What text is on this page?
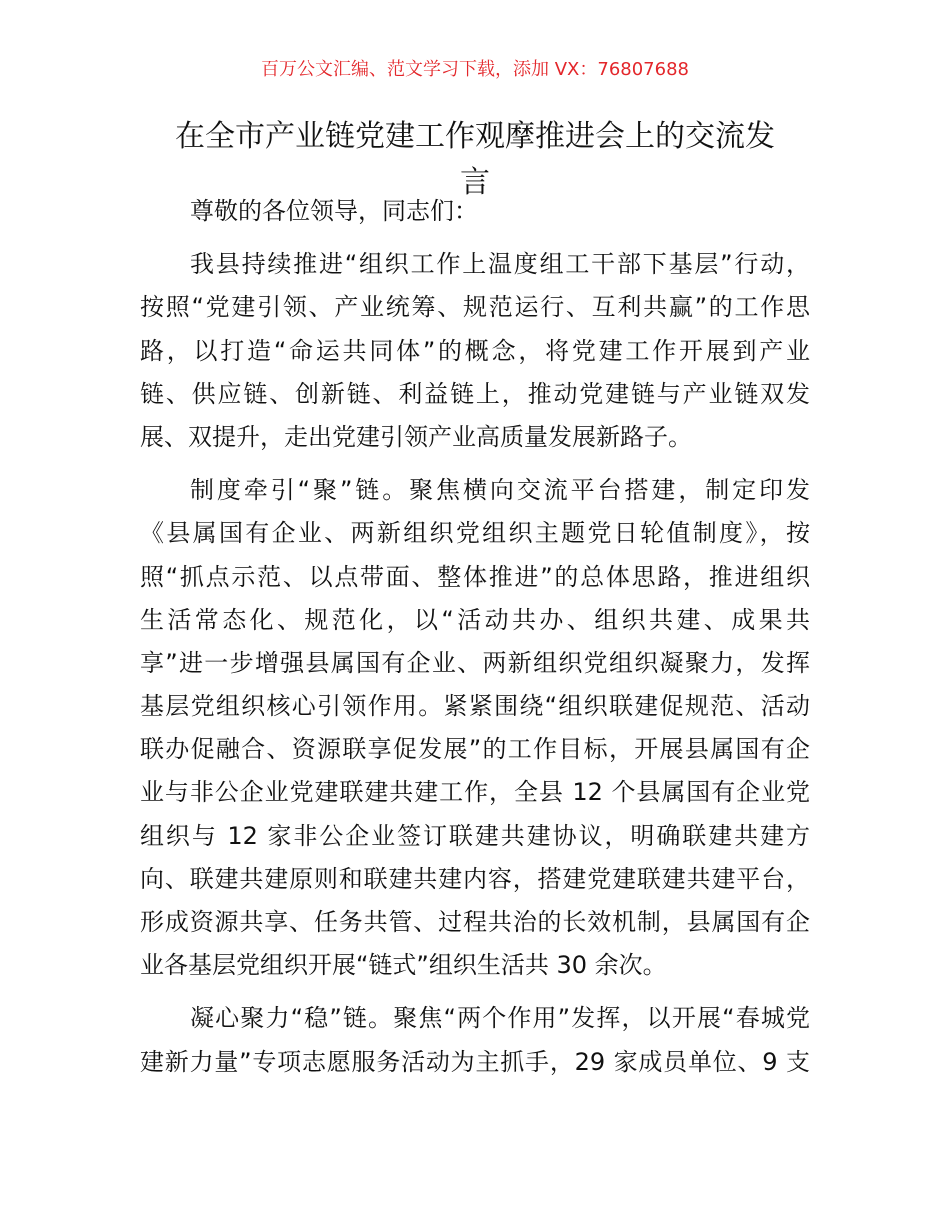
百万公文汇编、范文学习下载，添加 VX：76807688
在全市产业链党建工作观摩推进会上的交流发
言
尊敬的各位领导，同志们：
我县持续推进“组织工作上温度组工干部下基层”行动，
按照“党建引领、产业统筹、规范运行、互利共赢”的工作思
路，以打造“命运共同体”的概念，将党建工作开展到产业
链、供应链、创新链、利益链上，推动党建链与产业链双发
展、双提升，走出党建引领产业高质量发展新路子。
制度牵引“聚”链。聚焦横向交流平台搭建，制定印发
《县属国有企业、两新组织党组织主题党日轮值制度》，按
照“抓点示范、以点带面、整体推进”的总体思路，推进组织
生活常态化、规范化，以“活动共办、组织共建、成果共
享”进一步增强县属国有企业、两新组织党组织凝聚力，发挥
基层党组织核心引领作用。紧紧围绕“组织联建促规范、活动
联办促融合、资源联享促发展”的工作目标，开展县属国有企
业与非公企业党建联建共建工作，全县 12 个县属国有企业党
组织与 12 家非公企业签订联建共建协议，明确联建共建方
向、联建共建原则和联建共建内容，搭建党建联建共建平台，
形成资源共享、任务共管、过程共治的长效机制，县属国有企
业各基层党组织开展“链式”组织生活共 30 余次。
凝心聚力“稳”链。聚焦“两个作用”发挥，以开展“春城党
建新力量”专项志愿服务活动为主抓手，29 家成员单位、9 支
